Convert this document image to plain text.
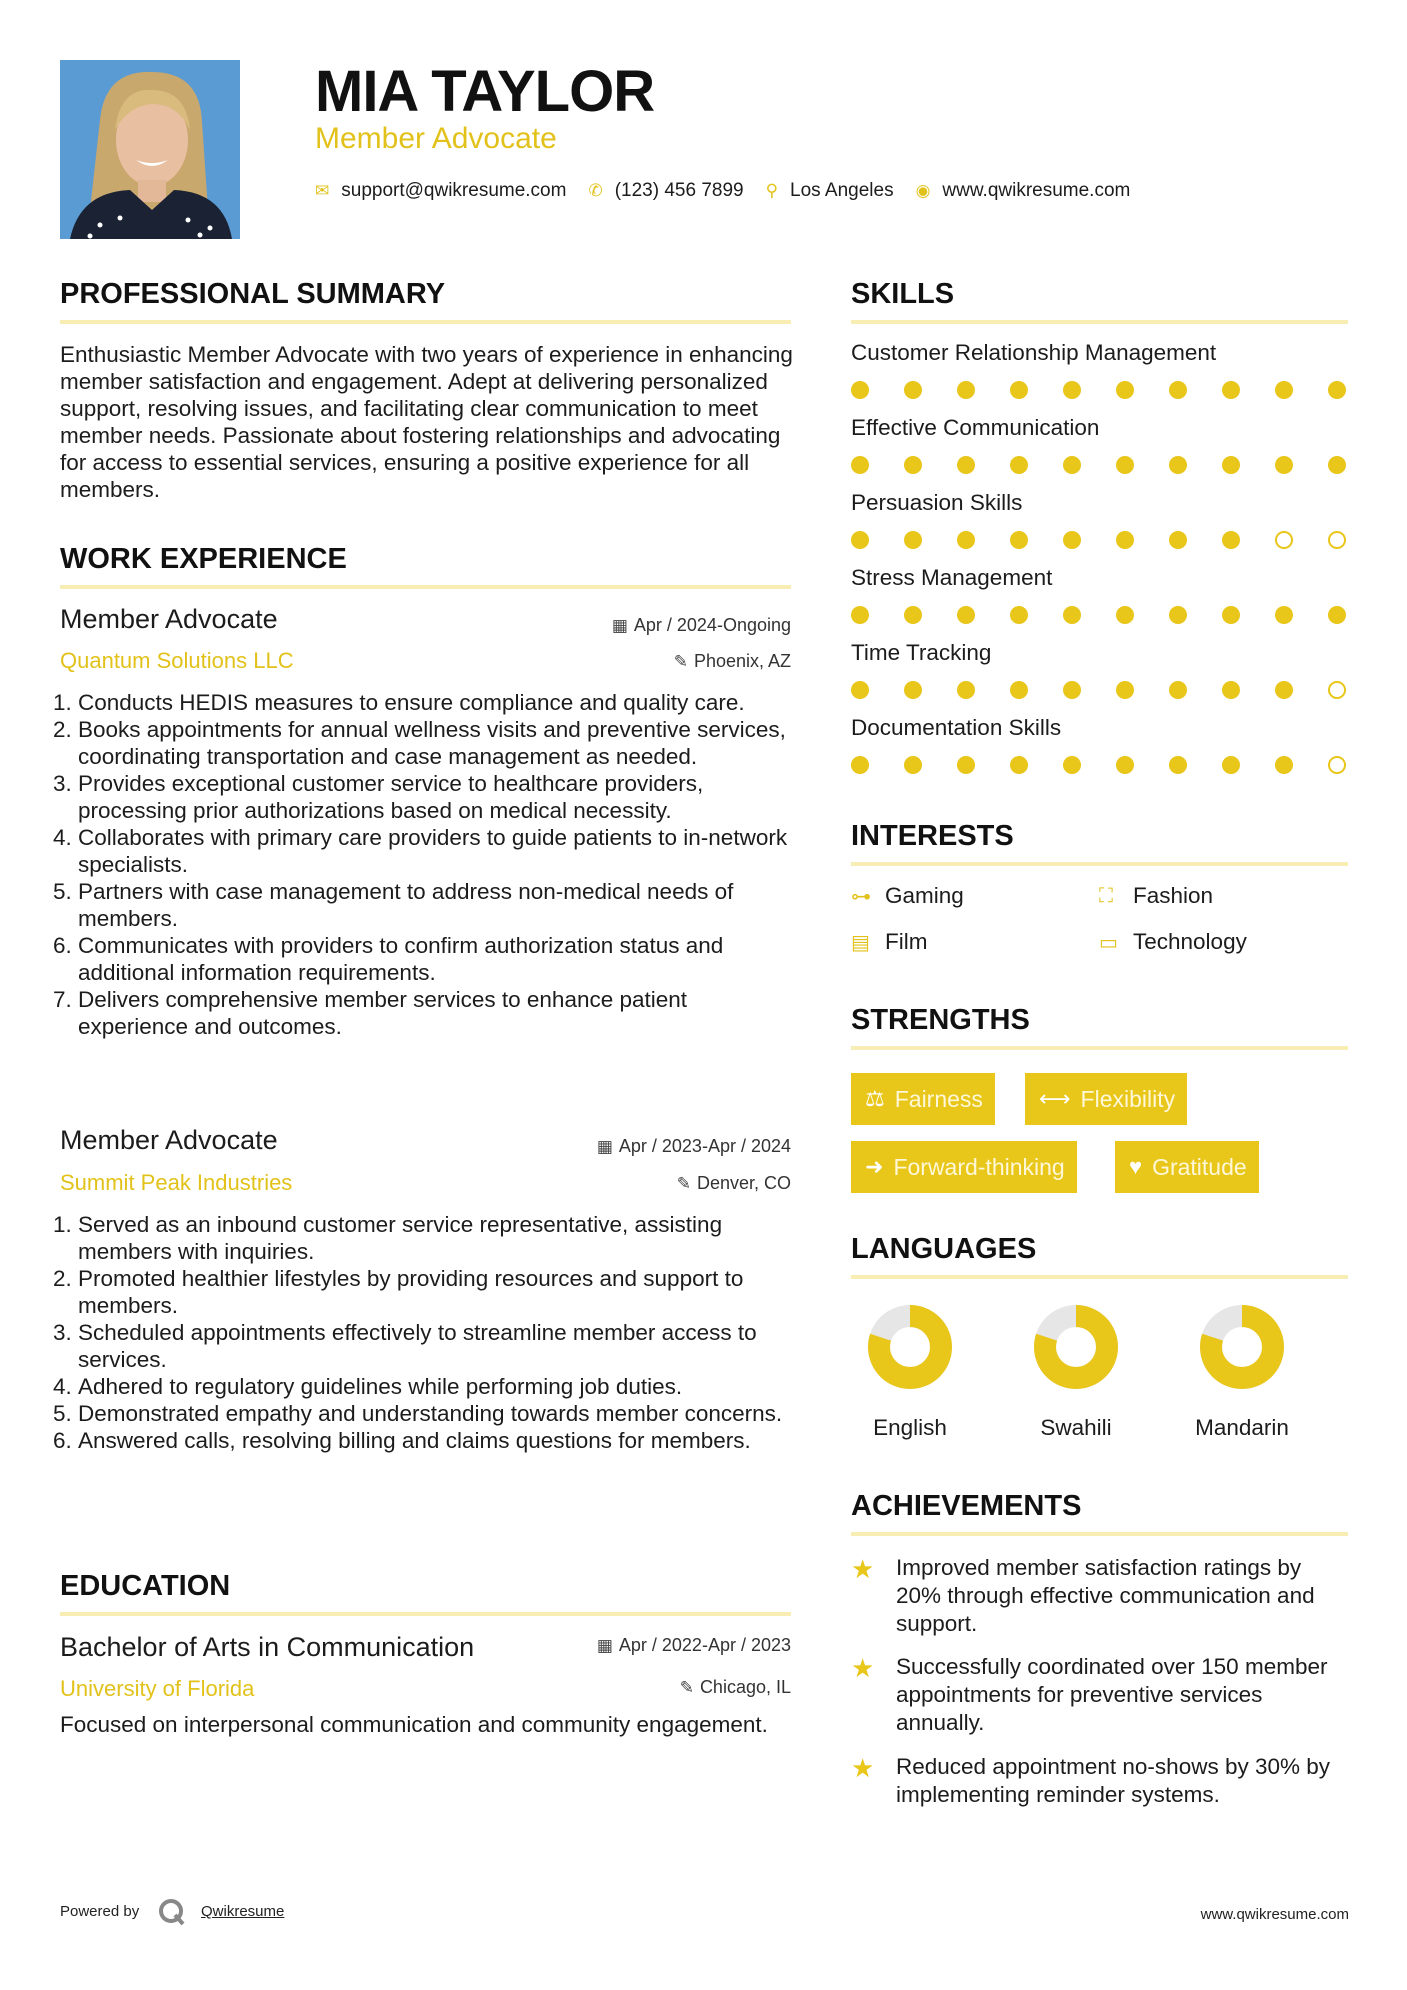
MIA TAYLOR
Member Advocate
✉ support@qwikresume.com ✆ (123) 456 7899 ⚲ Los Angeles ◉ www.qwikresume.com
PROFESSIONAL SUMMARY
Enthusiastic Member Advocate with two years of experience in enhancing member satisfaction and engagement. Adept at delivering personalized support, resolving issues, and facilitating clear communication to meet member needs. Passionate about fostering relationships and advocating for access to essential services, ensuring a positive experience for all members.
WORK EXPERIENCE
Member Advocate	▦ Apr / 2024-Ongoing
Quantum Solutions LLC	✎ Phoenix, AZ
1. Conducts HEDIS measures to ensure compliance and quality care.
2. Books appointments for annual wellness visits and preventive services, coordinating transportation and case management as needed.
3. Provides exceptional customer service to healthcare providers, processing prior authorizations based on medical necessity.
4. Collaborates with primary care providers to guide patients to in-network specialists.
5. Partners with case management to address non-medical needs of members.
6. Communicates with providers to confirm authorization status and additional information requirements.
7. Delivers comprehensive member services to enhance patient experience and outcomes.
Member Advocate	▦ Apr / 2023-Apr / 2024
Summit Peak Industries	✎ Denver, CO
1. Served as an inbound customer service representative, assisting members with inquiries.
2. Promoted healthier lifestyles by providing resources and support to members.
3. Scheduled appointments effectively to streamline member access to services.
4. Adhered to regulatory guidelines while performing job duties.
5. Demonstrated empathy and understanding towards member concerns.
6. Answered calls, resolving billing and claims questions for members.
EDUCATION
Bachelor of Arts in Communication	▦ Apr / 2022-Apr / 2023
University of Florida	✎ Chicago, IL
Focused on interpersonal communication and community engagement.
SKILLS
Customer Relationship Management
Effective Communication
Persuasion Skills
Stress Management
Time Tracking
Documentation Skills
INTERESTS
⊶ Gaming	⛶ Fashion
▤ Film	▭ Technology
STRENGTHS
⚖ Fairness	⟷ Flexibility
➜ Forward-thinking	♥ Gratitude
LANGUAGES
English	Swahili	Mandarin
ACHIEVEMENTS
★ Improved member satisfaction ratings by 20% through effective communication and support.
★ Successfully coordinated over 150 member appointments for preventive services annually.
★ Reduced appointment no-shows by 30% by implementing reminder systems.
Powered by	Qwikresume	www.qwikresume.com
